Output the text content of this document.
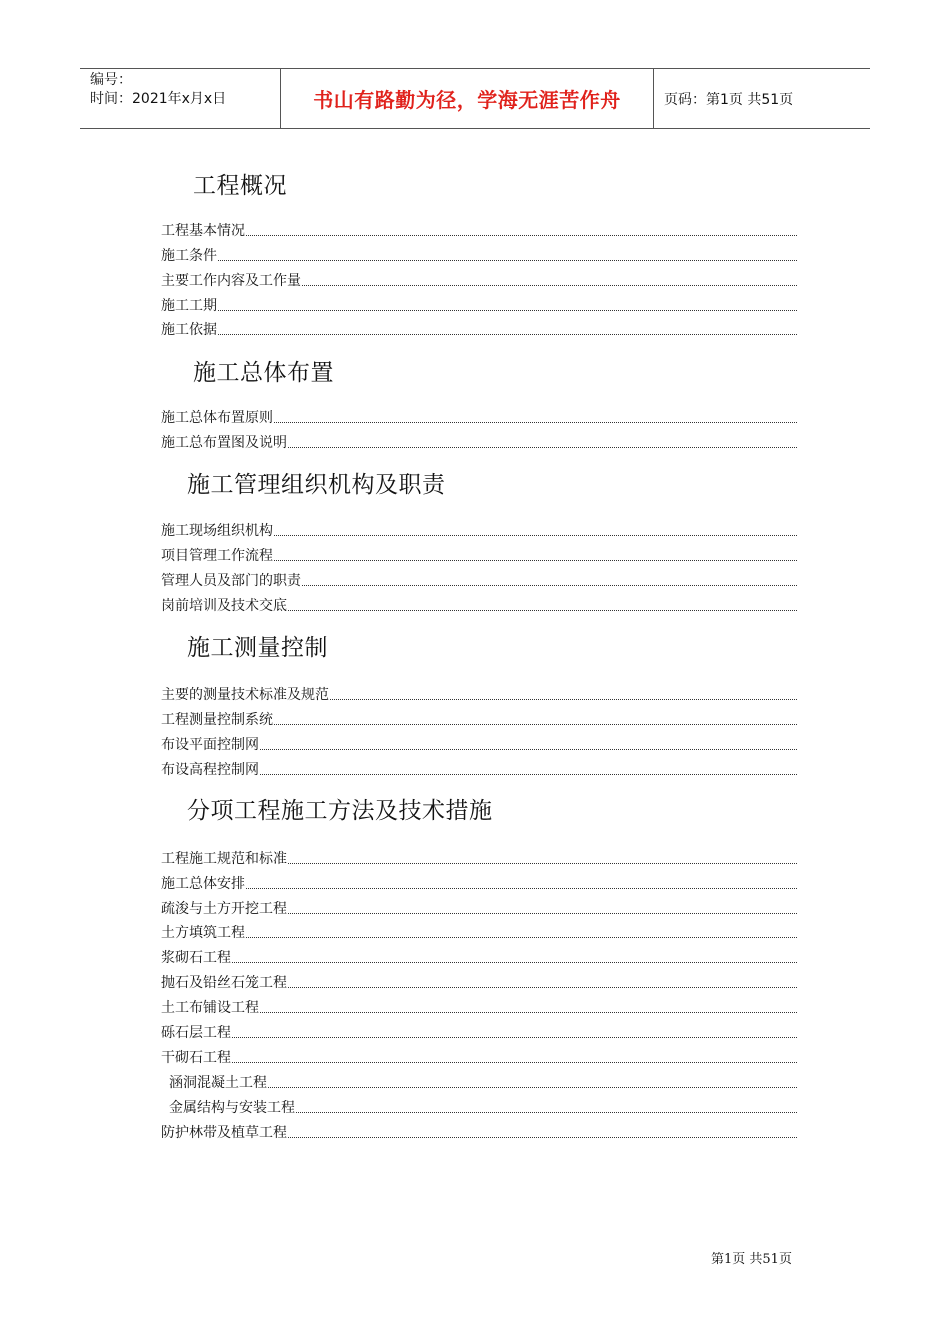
编号：
时间：2021年x月x日	书山有路勤为径，学海无涯苦作舟	页码：第1页 共51页
工程概况
工程基本情况
施工条件
主要工作内容及工作量
施工工期
施工依据
施工总体布置
施工总体布置原则
施工总布置图及说明
施工管理组织机构及职责
施工现场组织机构
项目管理工作流程
管理人员及部门的职责
岗前培训及技术交底
施工测量控制
主要的测量技术标准及规范
工程测量控制系统
布设平面控制网
布设高程控制网
分项工程施工方法及技术措施
工程施工规范和标准
施工总体安排
疏浚与土方开挖工程
土方填筑工程
浆砌石工程
抛石及铅丝石笼工程
土工布铺设工程
砾石层工程
干砌石工程
涵洞混凝土工程
金属结构与安装工程
防护林带及植草工程
第1页 共51页
